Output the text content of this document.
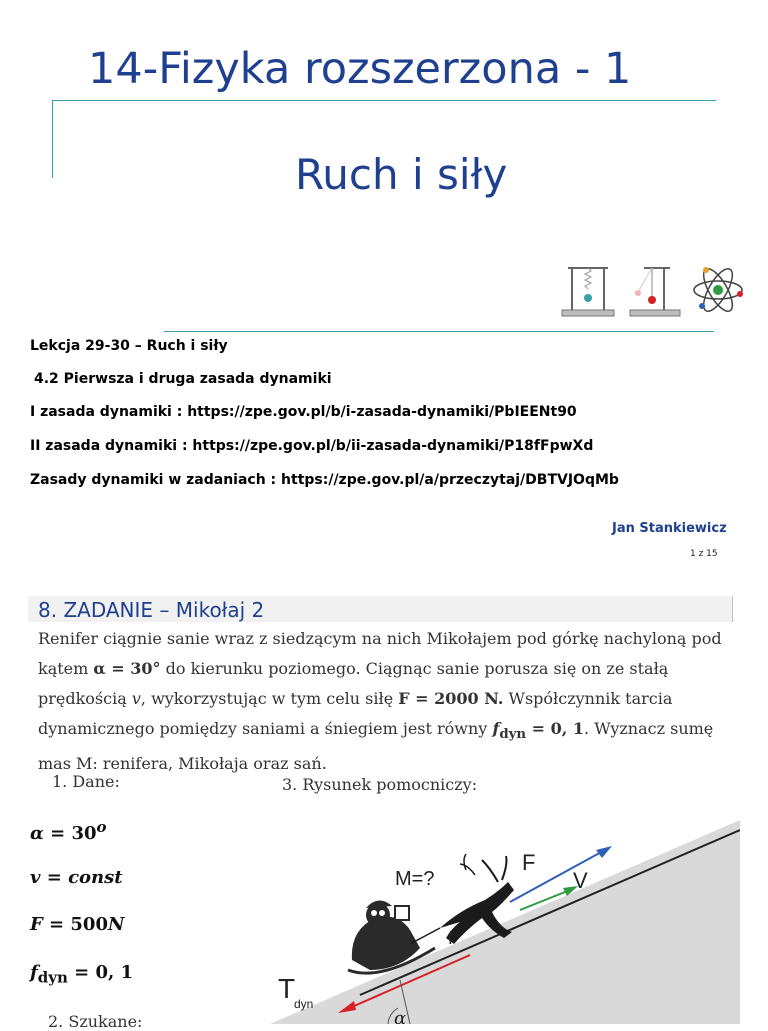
14-Fizyka rozszerzona - 1
Ruch i siły
Lekcja 29-30 – Ruch i siły
4.2 Pierwsza i druga zasada dynamiki
I zasada dynamiki : https://zpe.gov.pl/b/i-zasada-dynamiki/PbIEENt90
II zasada dynamiki : https://zpe.gov.pl/b/ii-zasada-dynamiki/P18fFpwXd
Zasady dynamiki w zadaniach : https://zpe.gov.pl/a/przeczytaj/DBTVJOqMb
Jan Stankiewicz
1 z 15
8. ZADANIE – Mikołaj 2
Renifer ciągnie sanie wraz z siedzącym na nich Mikołajem pod górkę nachyloną pod kątem α = 30° do kierunku poziomego. Ciągnąc sanie porusza się on ze stałą prędkością v, wykorzystując w tym celu siłę F = 2000 N. Współczynnik tarcia dynamicznego pomiędzy saniami a śniegiem jest równy $f_{dyn} = 0$, 1. Wyznacz sumę mas M: renifera, Mikołaja oraz sań.
1. Dane:	3. Rysunek pomocniczy:
$\alpha = 30^o$
v = const
F = 500N
$f_{dyn} = 0$, 1
2. Szukane:
M=?
F
V
f
T
dyn
α
